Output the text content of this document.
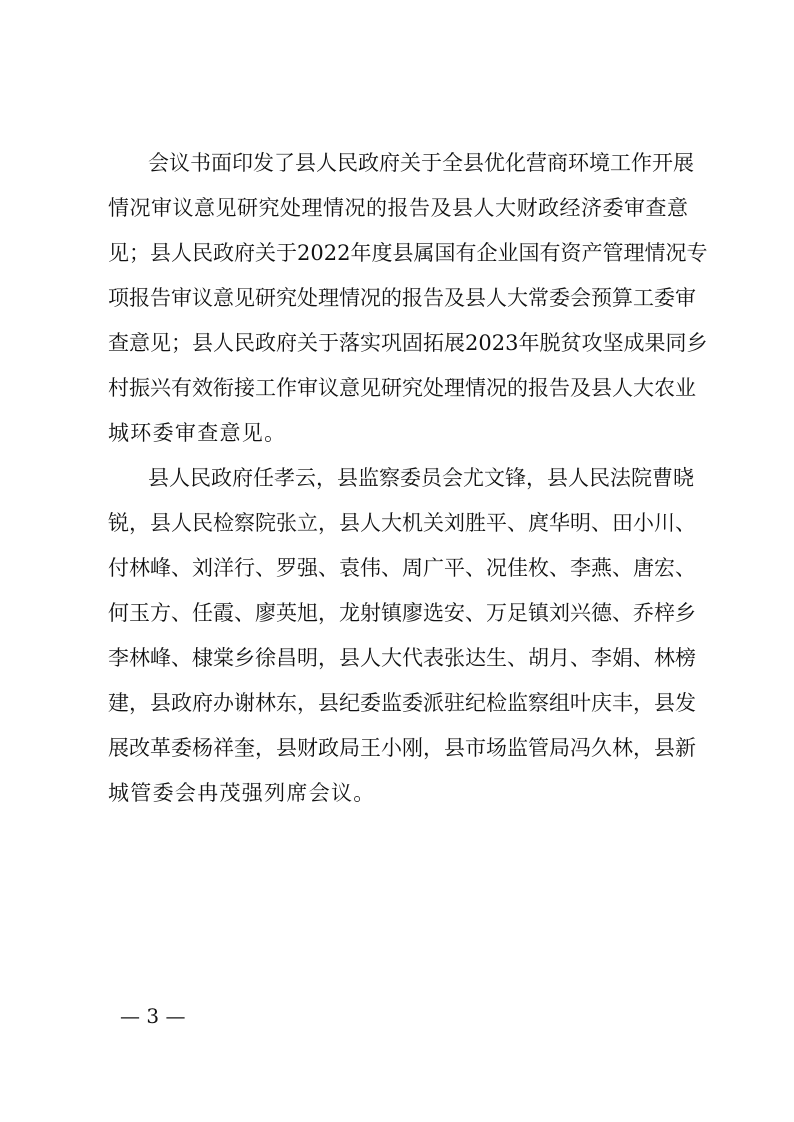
会议书面印发了县人民政府关于全县优化营商环境工作开展
情况审议意见研究处理情况的报告及县人大财政经济委审查意
见；县人民政府关于2022年度县属国有企业国有资产管理情况专
项报告审议意见研究处理情况的报告及县人大常委会预算工委审
查意见；县人民政府关于落实巩固拓展2023年脱贫攻坚成果同乡
村振兴有效衔接工作审议意见研究处理情况的报告及县人大农业
城环委审查意见。
县人民政府任孝云，县监察委员会尤文锋，县人民法院曹晓
锐，县人民检察院张立，县人大机关刘胜平、庹华明、田小川、
付林峰、刘洋行、罗强、袁伟、周广平、况佳枚、李燕、唐宏、
何玉方、任霞、廖英旭，龙射镇廖选安、万足镇刘兴德、乔梓乡
李林峰、棣棠乡徐昌明，县人大代表张达生、胡月、李娟、林榜
建，县政府办谢林东，县纪委监委派驻纪检监察组叶庆丰，县发
展改革委杨祥奎，县财政局王小刚，县市场监管局冯久林，县新
城管委会冉茂强列席会议。
— 3 —
